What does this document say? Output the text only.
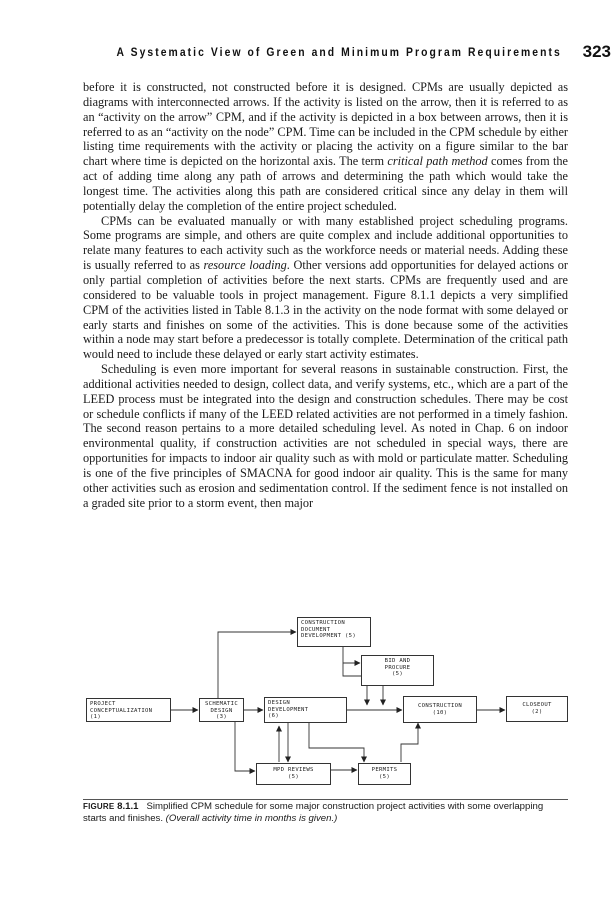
A Systematic View of Green and Minimum Program Requirements 323

before it is constructed, not constructed before it is designed. CPMs are usually depicted as diagrams with interconnected arrows. If the activity is listed on the arrow, then it is referred to as an “activity on the arrow” CPM, and if the activity is depicted in a box between arrows, then it is referred to as an “activity on the node” CPM. Time can be included in the CPM schedule by either listing time requirements with the activity or placing the activity on a figure similar to the bar chart where time is depicted on the horizontal axis. The term critical path method comes from the act of adding time along any path of arrows and determining the path which would take the longest time. The activities along this path are considered critical since any delay in them will potentially delay the completion of the entire project scheduled.

CPMs can be evaluated manually or with many established project scheduling programs. Some programs are simple, and others are quite complex and include additional opportunities to relate many features to each activity such as the workforce needs or material needs. Adding these is usually referred to as resource loading. Other versions add opportunities for delayed actions or only partial completion of activities before the next starts. CPMs are frequently used and are considered to be valuable tools in project management. Figure 8.1.1 depicts a very simplified CPM of the activities listed in Table 8.1.3 in the activity on the node format with some delayed or early starts and finishes on some of the activities. This is done because some of the activities within a node may start before a predecessor is totally complete. Determination of the critical path would need to include these delayed or early start activity estimates.

Scheduling is even more important for several reasons in sustainable construction. First, the additional activities needed to design, collect data, and verify systems, etc., which are a part of the LEED process must be integrated into the design and construction schedules. There may be cost or schedule conflicts if many of the LEED related activities are not performed in a timely fashion. The second reason pertains to a more detailed scheduling level. As noted in Chap. 6 on indoor environmental quality, if construction activities are not scheduled in special ways, there are opportunities for impacts to indoor air quality such as with mold or particulate matter. Scheduling is one of the five principles of SMACNA for good indoor air quality. This is the same for many other activities such as erosion and sedimentation control. If the sediment fence is not installed on a graded site prior to a storm event, then major

CONSTRUCTION
DOCUMENT
DEVELOPMENT (5)
BID AND
PROCURE
(5)
PROJECT
CONCEPTUALIZATION
(1)
SCHEMATIC
DESIGN
(3)
DESIGN
DEVELOPMENT
(6)
CONSTRUCTION
(10)
CLOSEOUT
(2)
MPD REVIEWS
(5)
PERMITS
(5)
FIGURE 8.1.1 Simplified CPM schedule for some major construction project activities with some overlapping starts and finishes. (Overall activity time in months is given.)
